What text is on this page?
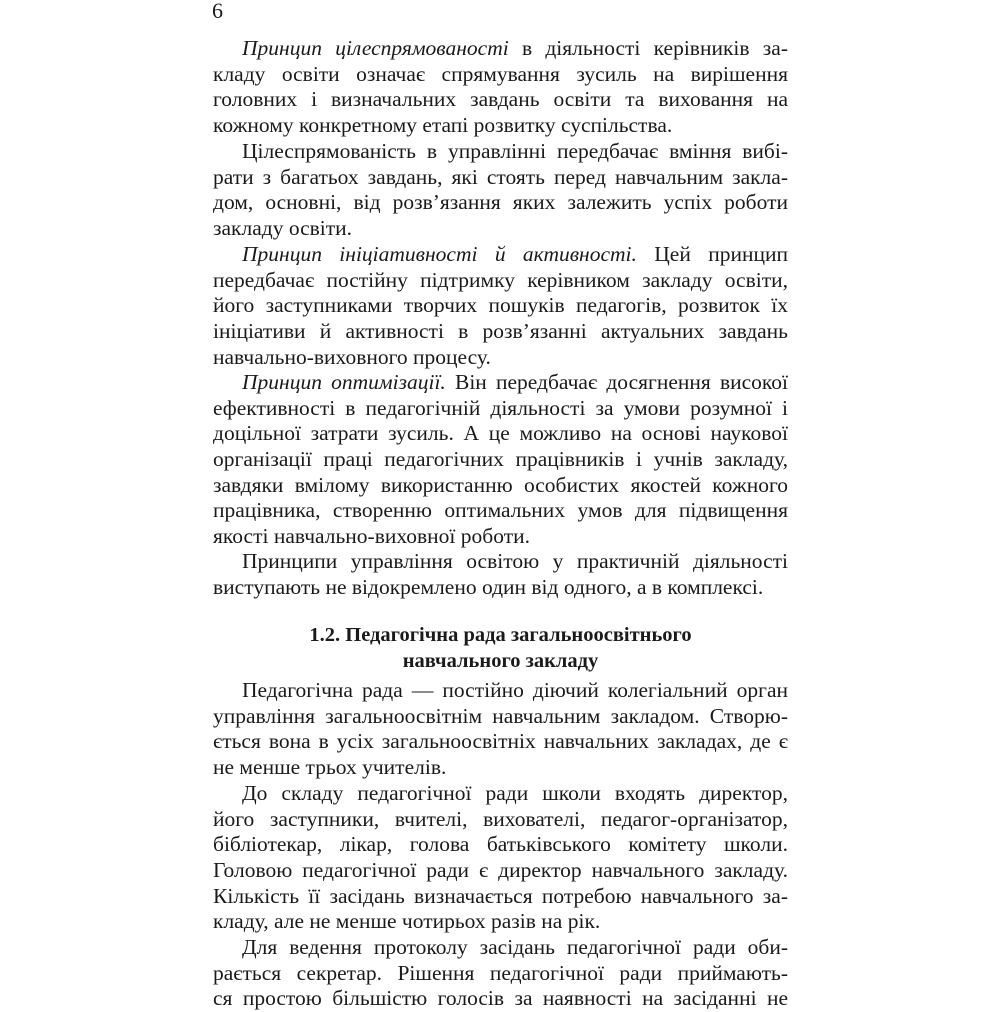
6
Принцип цілеспрямованості в діяльності керівників за-
кладу освіти означає спрямування зусиль на вирішення
головних і визначальних завдань освіти та виховання на
кожному конкретному етапі розвитку суспільства.
Цілеспрямованість в управлінні передбачає вміння вибі-
рати з багатьох завдань, які стоять перед навчальним закла-
дом, основні, від розв’язання яких залежить успіх роботи
закладу освіти.
Принцип ініціативності й активності. Цей принцип
передбачає постійну підтримку керівником закладу освіти,
його заступниками творчих пошуків педагогів, розвиток їх
ініціативи й активності в розв’язанні актуальних завдань
навчально-виховного процесу.
Принцип оптимізації. Він передбачає досягнення високої
ефективності в педагогічній діяльності за умови розумної і
доцільної затрати зусиль. А це можливо на основі наукової
організації праці педагогічних працівників і учнів закладу,
завдяки вмілому використанню особистих якостей кожного
працівника, створенню оптимальних умов для підвищення
якості навчально-виховної роботи.
Принципи управління освітою у практичній діяльності
виступають не відокремлено один від одного, а в комплексі.
1.2. Педагогічна рада загальноосвітнього
навчального закладу
Педагогічна рада — постійно діючий колегіальний орган
управління загальноосвітнім навчальним закладом. Створю-
ється вона в усіх загальноосвітніх навчальних закладах, де є
не менше трьох учителів.
До складу педагогічної ради школи входять директор,
його заступники, вчителі, вихователі, педагог-організатор,
бібліотекар, лікар, голова батьківського комітету школи.
Головою педагогічної ради є директор навчального закладу.
Кількість її засідань визначається потребою навчального за-
кладу, але не менше чотирьох разів на рік.
Для ведення протоколу засідань педагогічної ради оби-
рається секретар. Рішення педагогічної ради приймають-
ся простою більшістю голосів за наявності на засіданні не
